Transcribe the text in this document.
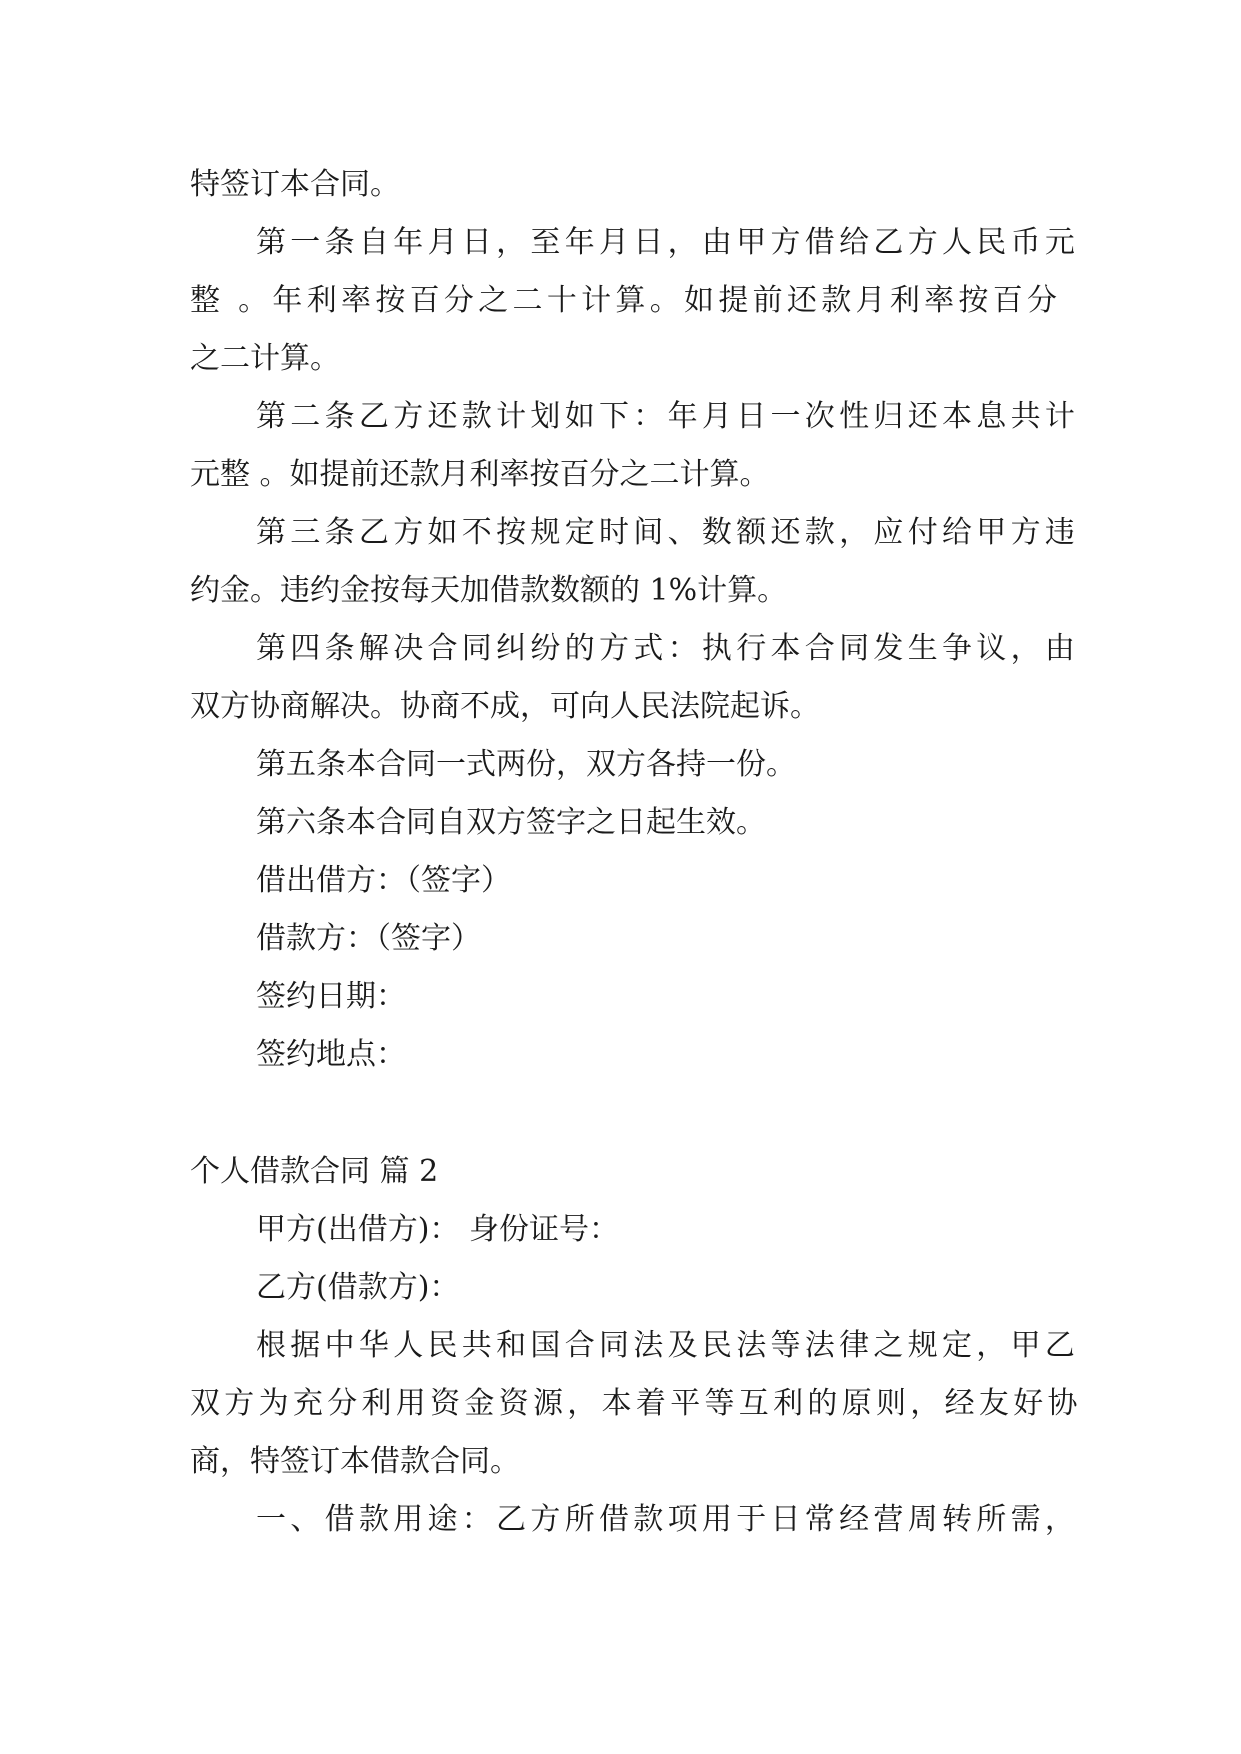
特签订本合同。
第一条自年月日，至年月日，由甲方借给乙方人民币元
整 。年利率按百分之二十计算。如提前还款月利率按百分
之二计算。
第二条乙方还款计划如下：年月日一次性归还本息共计
元整 。如提前还款月利率按百分之二计算。
第三条乙方如不按规定时间、数额还款，应付给甲方违
约金。违约金按每天加借款数额的 1%计算。
第四条解决合同纠纷的方式：执行本合同发生争议，由
双方协商解决。协商不成，可向人民法院起诉。
第五条本合同一式两份，双方各持一份。
第六条本合同自双方签字之日起生效。
借出借方：（签字）
借款方：（签字）
签约日期：
签约地点：
个人借款合同 篇 2
甲方(出借方)： 身份证号：
乙方(借款方)：
根据中华人民共和国合同法及民法等法律之规定，甲乙
双方为充分利用资金资源，本着平等互利的原则，经友好协
商，特签订本借款合同。
一、借款用途：乙方所借款项用于日常经营周转所需，
